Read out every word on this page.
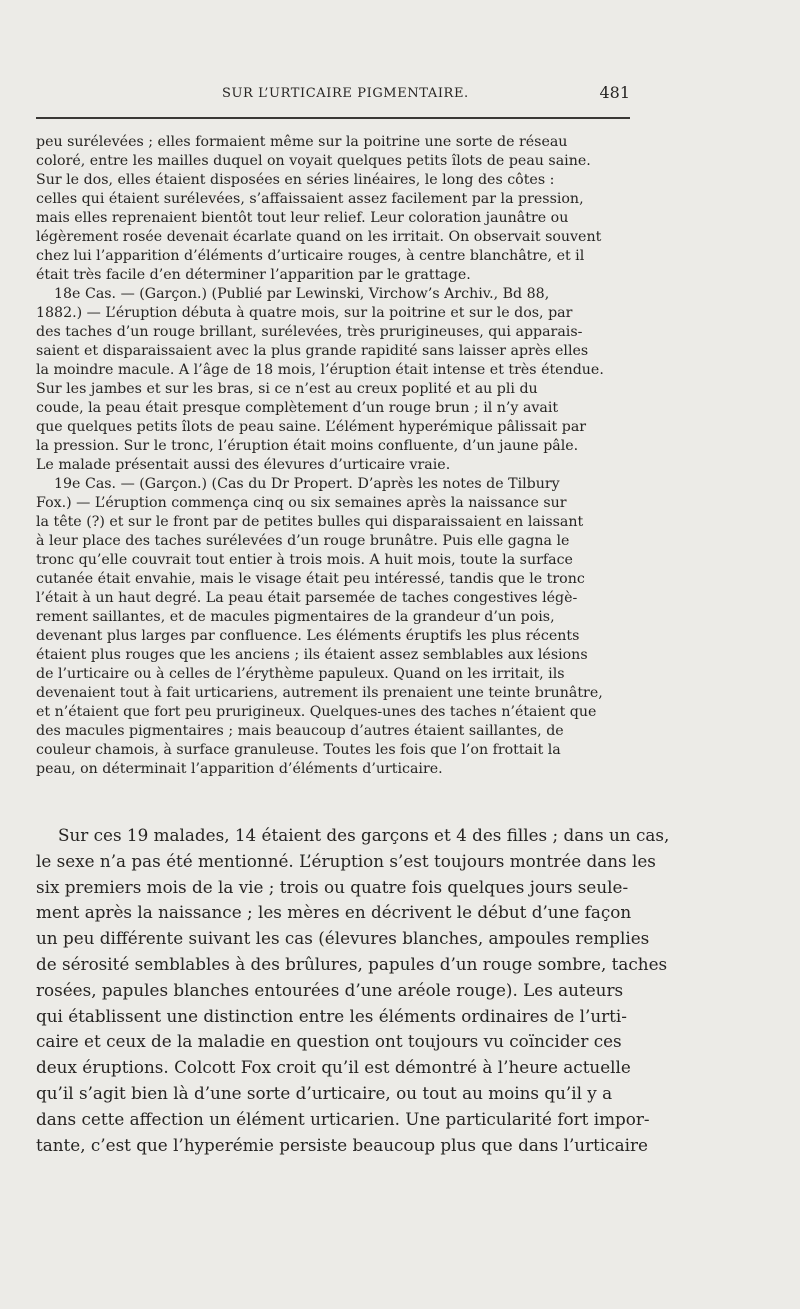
SUR L’URTICAIRE PIGMENTAIRE.	481
peu surélevées ; elles formaient même sur la poitrine une sorte de réseau
coloré, entre les mailles duquel on voyait quelques petits îlots de peau saine.
Sur le dos, elles étaient disposées en séries linéaires, le long des côtes :
celles qui étaient surélevées, s’affaissaient assez facilement par la pression,
mais elles reprenaient bientôt tout leur relief. Leur coloration jaunâtre ou
légèrement rosée devenait écarlate quand on les irritait. On observait souvent
chez lui l’apparition d’éléments d’urticaire rouges, à centre blanchâtre, et il
était très facile d’en déterminer l’apparition par le grattage.
18e Cas. — (Garçon.) (Publié par Lewinski, Virchow’s Archiv., Bd 88,
1882.) — L’éruption débuta à quatre mois, sur la poitrine et sur le dos, par
des taches d’un rouge brillant, surélevées, très prurigineuses, qui apparais-
saient et disparaissaient avec la plus grande rapidité sans laisser après elles
la moindre macule. A l’âge de 18 mois, l’éruption était intense et très étendue.
Sur les jambes et sur les bras, si ce n’est au creux poplité et au pli du
coude, la peau était presque complètement d’un rouge brun ; il n’y avait
que quelques petits îlots de peau saine. L’élément hyperémique pâlissait par
la pression. Sur le tronc, l’éruption était moins confluente, d’un jaune pâle.
Le malade présentait aussi des élevures d’urticaire vraie.
19e Cas. — (Garçon.) (Cas du Dr Propert. D’après les notes de Tilbury
Fox.) — L’éruption commença cinq ou six semaines après la naissance sur
la tête (?) et sur le front par de petites bulles qui disparaissaient en laissant
à leur place des taches surélevées d’un rouge brunâtre. Puis elle gagna le
tronc qu’elle couvrait tout entier à trois mois. A huit mois, toute la surface
cutanée était envahie, mais le visage était peu intéressé, tandis que le tronc
l’était à un haut degré. La peau était parsemée de taches congestives légè-
rement saillantes, et de macules pigmentaires de la grandeur d’un pois,
devenant plus larges par confluence. Les éléments éruptifs les plus récents
étaient plus rouges que les anciens ; ils étaient assez semblables aux lésions
de l’urticaire ou à celles de l’érythème papuleux. Quand on les irritait, ils
devenaient tout à fait urticariens, autrement ils prenaient une teinte brunâtre,
et n’étaient que fort peu prurigineux. Quelques-unes des taches n’étaient que
des macules pigmentaires ; mais beaucoup d’autres étaient saillantes, de
couleur chamois, à surface granuleuse. Toutes les fois que l’on frottait la
peau, on déterminait l’apparition d’éléments d’urticaire.
Sur ces 19 malades, 14 étaient des garçons et 4 des filles ; dans un cas,
le sexe n’a pas été mentionné. L’éruption s’est toujours montrée dans les
six premiers mois de la vie ; trois ou quatre fois quelques jours seule-
ment après la naissance ; les mères en décrivent le début d’une façon
un peu différente suivant les cas (élevures blanches, ampoules remplies
de sérosité semblables à des brûlures, papules d’un rouge sombre, taches
rosées, papules blanches entourées d’une aréole rouge). Les auteurs
qui établissent une distinction entre les éléments ordinaires de l’urti-
caire et ceux de la maladie en question ont toujours vu coïncider ces
deux éruptions. Colcott Fox croit qu’il est démontré à l’heure actuelle
qu’il s’agit bien là d’une sorte d’urticaire, ou tout au moins qu’il y a
dans cette affection un élément urticarien. Une particularité fort impor-
tante, c’est que l’hyperémie persiste beaucoup plus que dans l’urticaire
